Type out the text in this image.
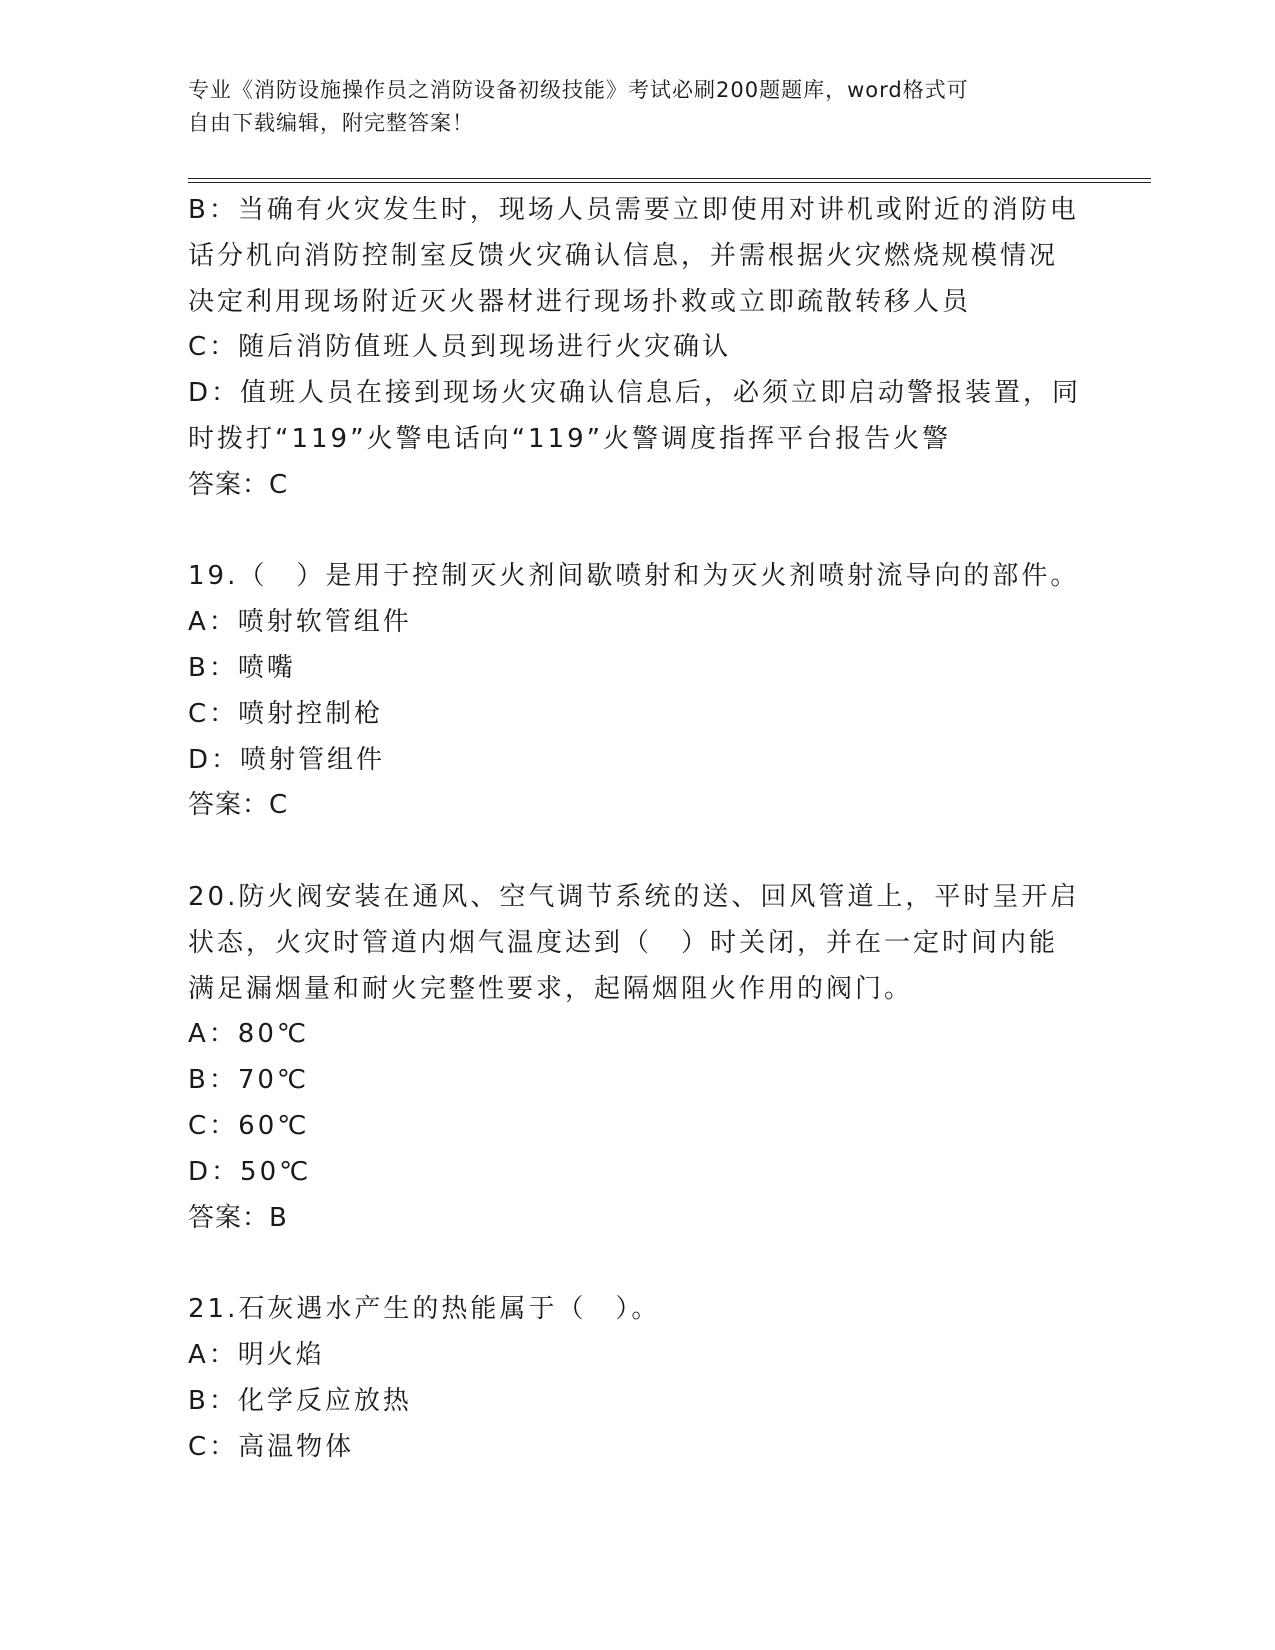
专业《消防设施操作员之消防设备初级技能》考试必刷200题题库，word格式可
自由下载编辑，附完整答案！
B：当确有火灾发生时，现场人员需要立即使用对讲机或附近的消防电
话分机向消防控制室反馈火灾确认信息，并需根据火灾燃烧规模情况
决定利用现场附近灭火器材进行现场扑救或立即疏散转移人员
C：随后消防值班人员到现场进行火灾确认
D：值班人员在接到现场火灾确认信息后，必须立即启动警报装置，同
时拨打“119”火警电话向“119”火警调度指挥平台报告火警
答案：C
19.（　）是用于控制灭火剂间歇喷射和为灭火剂喷射流导向的部件。
A：喷射软管组件
B：喷嘴
C：喷射控制枪
D：喷射管组件
答案：C
20.防火阀安装在通风、空气调节系统的送、回风管道上，平时呈开启
状态，火灾时管道内烟气温度达到（　）时关闭，并在一定时间内能
满足漏烟量和耐火完整性要求，起隔烟阻火作用的阀门。
A：80℃
B：70℃
C：60℃
D：50℃
答案：B
21.石灰遇水产生的热能属于（　）。
A：明火焰
B：化学反应放热
C：高温物体
